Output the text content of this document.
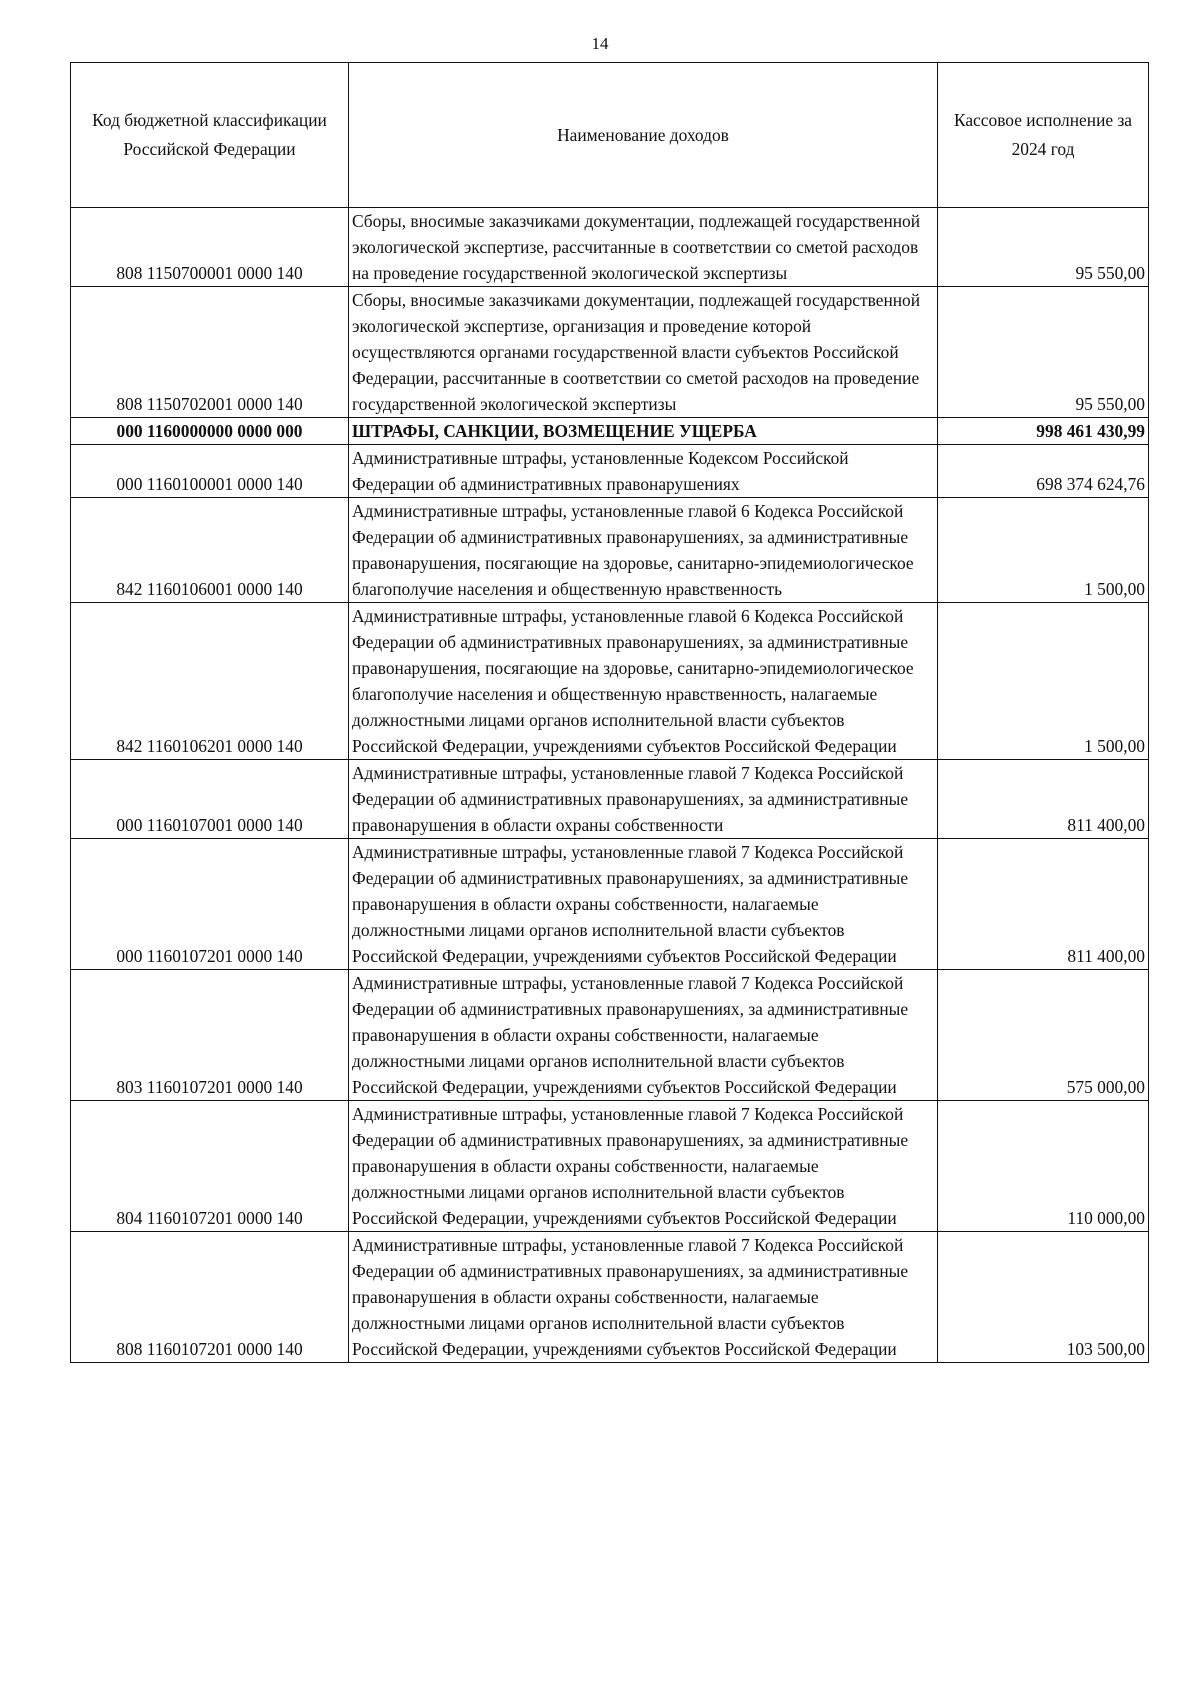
14
Код бюджетной классификации Российской Федерации	Наименование доходов	Кассовое исполнение за 2024 год
808 1150700001 0000 140	Сборы, вносимые заказчиками документации, подлежащей государственной экологической экспертизе, рассчитанные в соответствии со сметой расходов на проведение государственной экологической экспертизы	95 550,00
808 1150702001 0000 140	Сборы, вносимые заказчиками документации, подлежащей государственной экологической экспертизе, организация и проведение которой осуществляются органами государственной власти субъектов Российской Федерации, рассчитанные в соответствии со сметой расходов на проведение государственной экологической экспертизы	95 550,00
000 1160000000 0000 000	ШТРАФЫ, САНКЦИИ, ВОЗМЕЩЕНИЕ УЩЕРБА	998 461 430,99
000 1160100001 0000 140	Административные штрафы, установленные Кодексом Российской Федерации об административных правонарушениях	698 374 624,76
842 1160106001 0000 140	Административные штрафы, установленные главой 6 Кодекса Российской Федерации об административных правонарушениях, за административные правонарушения, посягающие на здоровье, санитарно-эпидемиологическое благополучие населения и общественную нравственность	1 500,00
842 1160106201 0000 140	Административные штрафы, установленные главой 6 Кодекса Российской Федерации об административных правонарушениях, за административные правонарушения, посягающие на здоровье, санитарно-эпидемиологическое благополучие населения и общественную нравственность, налагаемые должностными лицами органов исполнительной власти субъектов Российской Федерации, учреждениями субъектов Российской Федерации	1 500,00
000 1160107001 0000 140	Административные штрафы, установленные главой 7 Кодекса Российской Федерации об административных правонарушениях, за административные правонарушения в области охраны собственности	811 400,00
000 1160107201 0000 140	Административные штрафы, установленные главой 7 Кодекса Российской Федерации об административных правонарушениях, за административные правонарушения в области охраны собственности, налагаемые должностными лицами органов исполнительной власти субъектов Российской Федерации, учреждениями субъектов Российской Федерации	811 400,00
803 1160107201 0000 140	Административные штрафы, установленные главой 7 Кодекса Российской Федерации об административных правонарушениях, за административные правонарушения в области охраны собственности, налагаемые должностными лицами органов исполнительной власти субъектов Российской Федерации, учреждениями субъектов Российской Федерации	575 000,00
804 1160107201 0000 140	Административные штрафы, установленные главой 7 Кодекса Российской Федерации об административных правонарушениях, за административные правонарушения в области охраны собственности, налагаемые должностными лицами органов исполнительной власти субъектов Российской Федерации, учреждениями субъектов Российской Федерации	110 000,00
808 1160107201 0000 140	Административные штрафы, установленные главой 7 Кодекса Российской Федерации об административных правонарушениях, за административные правонарушения в области охраны собственности, налагаемые должностными лицами органов исполнительной власти субъектов Российской Федерации, учреждениями субъектов Российской Федерации	103 500,00
